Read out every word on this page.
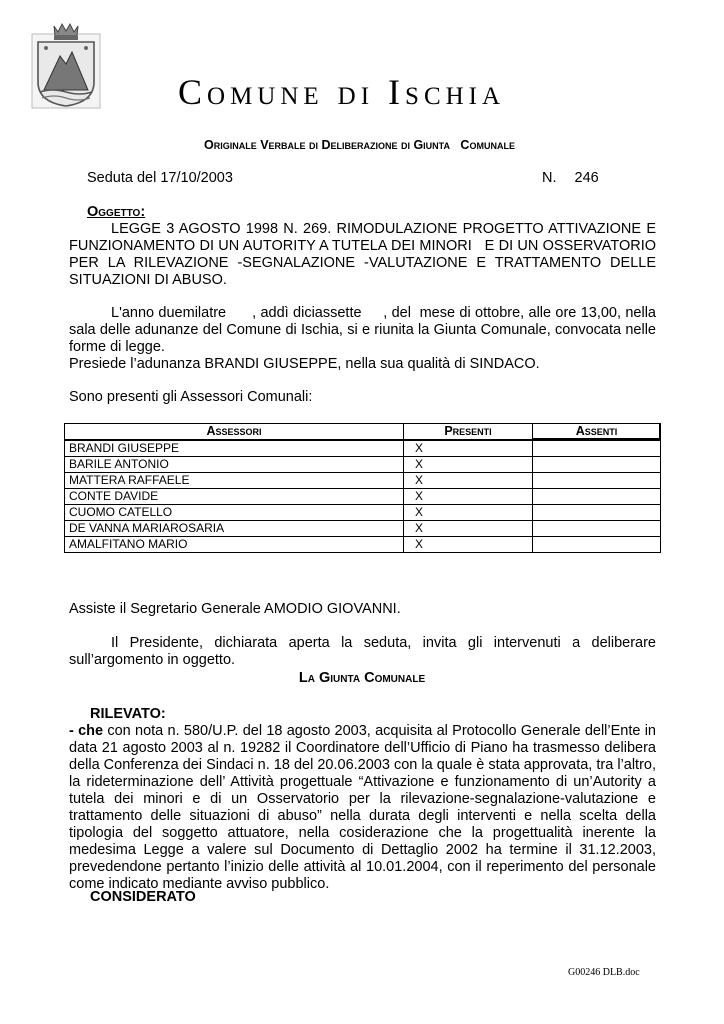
Comune di Ischia
Originale Verbale di Deliberazione di Giunta   Comunale
Seduta del 17/10/2003	N. 246
Oggetto:

LEGGE 3 AGOSTO 1998 N. 269. RIMODULAZIONE PROGETTO ATTIVAZIONE E FUNZIONAMENTO DI UN AUTORITY A TUTELA DEI MINORI   E DI UN OSSERVATORIO PER LA RILEVAZIONE -SEGNALAZIONE -VALUTAZIONE E TRATTAMENTO DELLE SITUAZIONI DI ABUSO.

L'anno duemilatre      , addì diciassette     , del  mese di ottobre, alle ore 13,00, nella sala delle adunanze del Comune di Ischia, si e riunita la Giunta Comunale, convocata nelle forme di legge.

Presiede l’adunanza BRANDI GIUSEPPE, nella sua qualità di SINDACO.

Sono presenti gli Assessori Comunali:
Assessori	Presenti	Assenti
BRANDI GIUSEPPE	X	
BARILE ANTONIO	X	
MATTERA RAFFAELE	X	
CONTE DAVIDE	X	
CUOMO CATELLO	X	
DE VANNA MARIAROSARIA	X	
AMALFITANO MARIO	X	
Assiste il Segretario Generale AMODIO GIOVANNI.

Il Presidente, dichiarata aperta la seduta, invita gli intervenuti a deliberare sull’argomento in oggetto.

La Giunta Comunale
RILEVATO:

- che con nota n. 580/U.P. del 18 agosto 2003, acquisita al Protocollo Generale dell’Ente in data 21 agosto 2003 al n. 19282 il Coordinatore dell’Ufficio di Piano ha trasmesso delibera della Conferenza dei Sindaci n. 18 del 20.06.2003 con la quale è stata approvata, tra l’altro, la rideterminazione dell’ Attività progettuale “Attivazione e funzionamento di un’Autority a tutela dei minori e di un Osservatorio per la rilevazione-segnalazione-valutazione e trattamento delle situazioni di abuso” nella durata degli interventi e nella scelta della tipologia del soggetto attuatore, nella cosiderazione che la progettualità inerente la medesima Legge a valere sul Documento di Dettaglio 2002 ha termine il 31.12.2003, prevedendone pertanto l’inizio delle attività al 10.01.2004, con il reperimento del personale come indicato mediante avviso pubblico.

CONSIDERATO
G00246 DLB.doc
